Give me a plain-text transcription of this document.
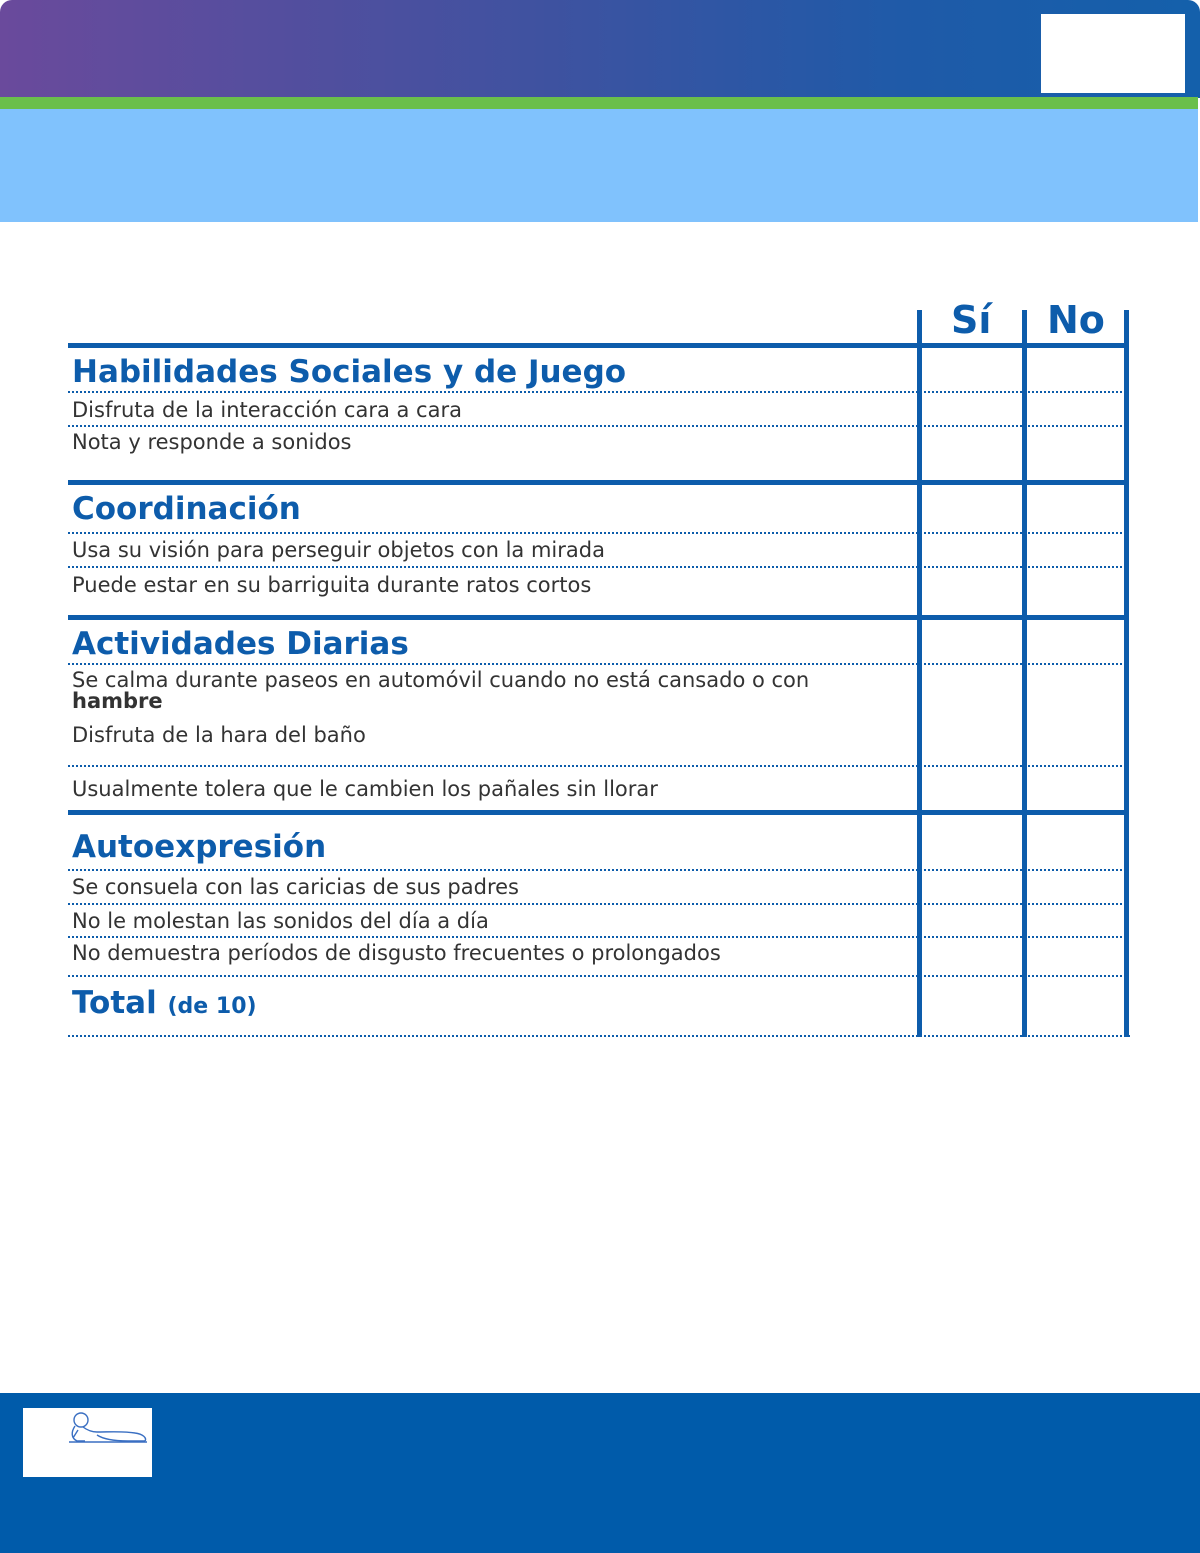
Sí No
Habilidades Sociales y de Juego
Disfruta de la interacción cara a cara
Nota y responde a sonidos
Coordinación
Usa su visión para perseguir objetos con la mirada
Puede estar en su barriguita durante ratos cortos
Actividades Diarias
Se calma durante paseos en automóvil cuando no está cansado o con
hambre
Disfruta de la hara del baño
Usualmente tolera que le cambien los pañales sin llorar
Autoexpresión
Se consuela con las caricias de sus padres
No le molestan las sonidos del día a día
No demuestra períodos de disgusto frecuentes o prolongados
Total (de 10)
